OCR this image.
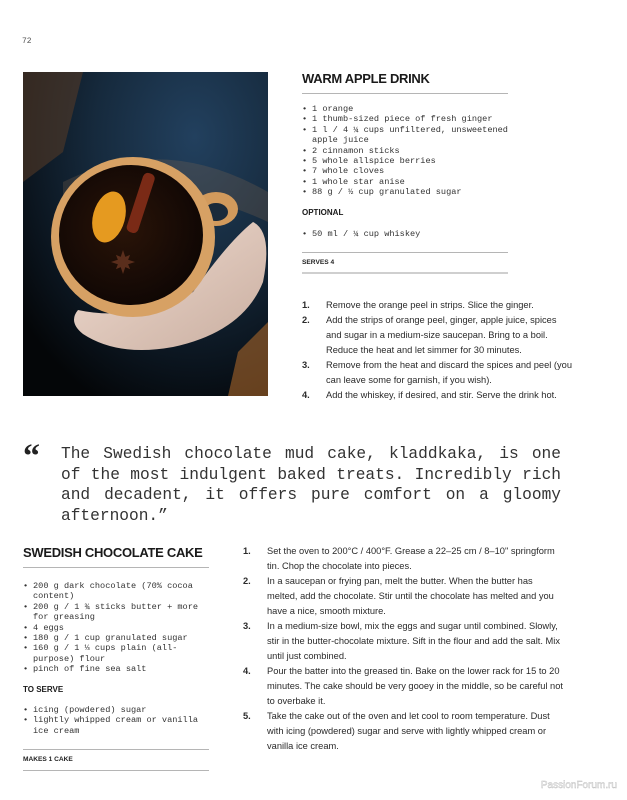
72
WARM APPLE DRINK
• 1 orange
• 1 thumb-sized piece of fresh ginger
• 1 l / 4 ¼ cups unfiltered, unsweetened apple juice
• 2 cinnamon sticks
• 5 whole allspice berries
• 7 whole cloves
• 1 whole star anise
• 88 g / ½ cup granulated sugar
OPTIONAL
• 50 ml / ¼ cup whiskey
SERVES 4
1. Remove the orange peel in strips. Slice the ginger.
2. Add the strips of orange peel, ginger, apple juice, spices and sugar in a medium-size saucepan. Bring to a boil. Reduce the heat and let simmer for 30 minutes.
3. Remove from the heat and discard the spices and peel (you can leave some for garnish, if you wish).
4. Add the whiskey, if desired, and stir. Serve the drink hot.
“ The Swedish chocolate mud cake, kladdkaka, is one of the most indulgent baked treats. Incredibly rich and decadent, it offers pure comfort on a gloomy afternoon.”
SWEDISH CHOCOLATE CAKE
• 200 g dark chocolate (70% cocoa content)
• 200 g / 1 ¾ sticks butter + more for greasing
• 4 eggs
• 180 g / 1 cup granulated sugar
• 160 g / 1 ⅓ cups plain (all-purpose) flour
• pinch of fine sea salt
TO SERVE
• icing (powdered) sugar
• lightly whipped cream or vanilla ice cream
MAKES 1 CAKE
1. Set the oven to 200°C / 400°F. Grease a 22–25 cm / 8–10" springform tin. Chop the chocolate into pieces.
2. In a saucepan or frying pan, melt the butter. When the butter has melted, add the chocolate. Stir until the chocolate has melted and you have a nice, smooth mixture.
3. In a medium-size bowl, mix the eggs and sugar until combined. Slowly, stir in the butter-chocolate mixture. Sift in the flour and add the salt. Mix until just combined.
4. Pour the batter into the greased tin. Bake on the lower rack for 15 to 20 minutes. The cake should be very gooey in the middle, so be careful not to overbake it.
5. Take the cake out of the oven and let cool to room temperature. Dust with icing (powdered) sugar and serve with lightly whipped cream or vanilla ice cream.
PassionForum.ru
